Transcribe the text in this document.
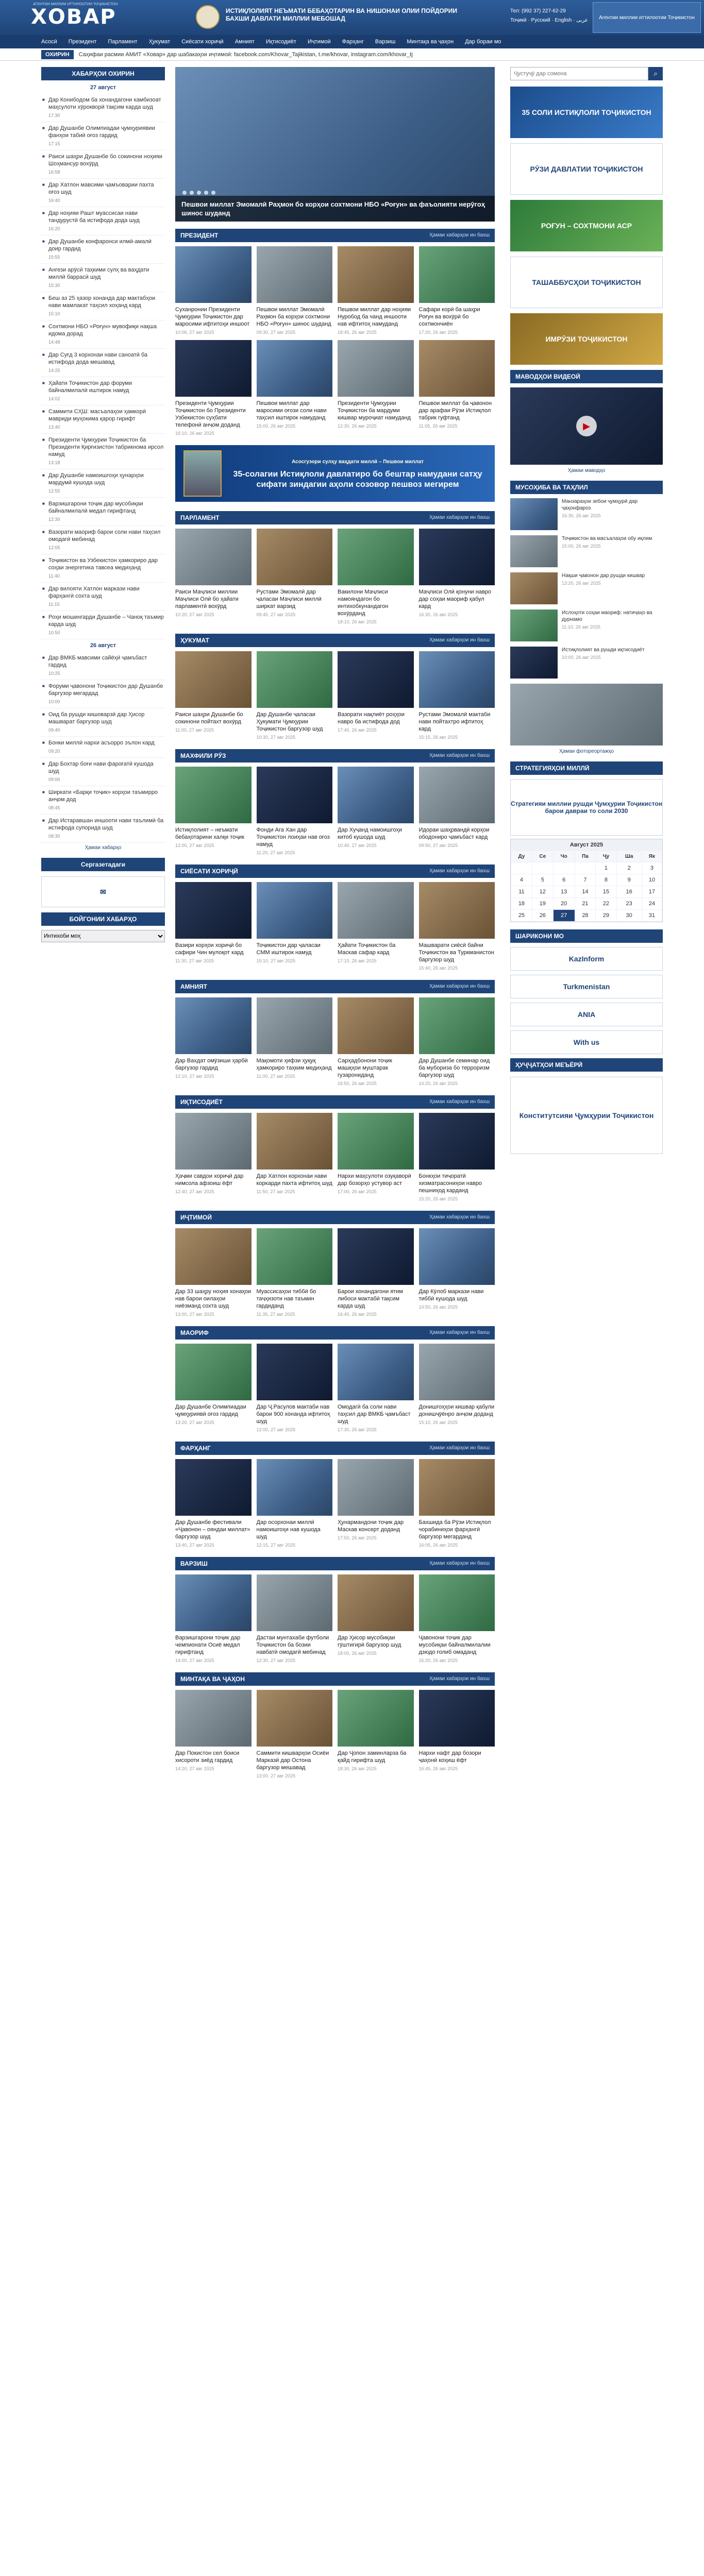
АГЕНТИИ МИЛЛИИ ИТТИЛООТИИ ТОҶИКИСТОН
ХОВАР	ИСТИҚЛОЛИЯТ НЕЪМАТИ БЕБАҲОТАРИН ВА НИШОНАИ ОЛИИ ПОЙДОРИИ БАХШИ ДАВЛАТИ МИЛЛИИ МЕБОШАД
Тел: (992 37) 227-62-29
Тоҷикӣ · Русский · English · عربی	Агентии миллии иттилоотии Тоҷикистон
Асосӣ Президент Парламент Ҳукумат Сиёсати хориҷӣ Амният Иқтисодиёт Иҷтимоӣ Фарҳанг Варзиш Минтақа ва ҷаҳон Дар бораи мо
ОХИРИН	Саҳифаи расмии АМИТ «Ховар» дар шабакаҳои иҷтимоӣ: facebook.com/Khovar_Tajikistan, t.me/khovar, instagram.com/khovar_tj
ХАБАРҲОИ ОХИРИН
27 август
■ Дар Конибодом ба хонандагони камбизоат маҳсулоти хӯрокворӣ тақсим карда шуд
17:30
■ Дар Душанбе Олимпиадаи ҷумҳуриявии фанҳои табиӣ оғоз гардид
17:15
■ Раиси шаҳри Душанбе бо сокинони ноҳияи Шоҳмансур вохӯрд
16:58
■ Дар Хатлон мавсими ҷамъоварии пахта оғоз шуд
16:40
■ Дар ноҳияи Рашт муассисаи нави тандурустӣ ба истифода дода шуд
16:20
■ Дар Душанбе конфаронси илмӣ-амалӣ доир гардид
15:55
■ Ангези арӯсӣ таҳкими сулҳ ва ваҳдати миллӣ баррасӣ шуд
15:30
■ Беш аз 25 ҳазор хонанда дар мактабҳои нави мамлакат таҳсил хоҳанд кард
15:10
■ Сохтмони НБО «Роғун» мувофиқи нақша идома дорад
14:48
■ Дар Суғд 3 корхонаи нави саноатӣ ба истифода дода мешавад
14:25
■ Ҳайати Тоҷикистон дар форуми байналмилалӣ иштирок намуд
14:02
■ Саммити СҲШ: масъалаҳои ҳамкорӣ мавриди муҳокима қарор гирифт
13:40
■ Президенти Ҷумҳурии Тоҷикистон ба Президенти Қирғизистон табрикнома ирсол намуд
13:18
■ Дар Душанбе намоишгоҳи ҳунарҳои мардумӣ кушода шуд
12:55
■ Варзишгарони тоҷик дар мусобиқаи байналмилалӣ медал гирифтанд
12:30
■ Вазорати маориф барои соли нави таҳсил омодагӣ мебинад
12:05
■ Тоҷикистон ва Узбекистон ҳамкориро дар соҳаи энергетика тавсеа медиҳанд
11:40
■ Дар вилояти Хатлон маркази нави фарҳангӣ сохта шуд
11:15
■ Роҳи мошингарди Душанбе – Чаноқ таъмир карда шуд
10:50
26 август
■ Дар ВМКБ мавсими сайёҳӣ ҷамъбаст гардид
10:25
■ Форуми ҷавонони Тоҷикистон дар Душанбе баргузор мегардад
10:00
■ Оид ба рушди кишоварзӣ дар Ҳисор машварат баргузор шуд
09:40
■ Бонки миллӣ нархи асъорро эълон кард
09:20
■ Дар Бохтар боғи нави фароғатӣ кушода шуд
09:00
■ Ширкати «Барқи тоҷик» корҳои таъмирро анҷом дод
08:45
■ Дар Истаравшан иншооти нави таълимӣ ба истифода супорида шуд
08:30
Ҳамаи хабарҳо
Сергазетадаги
✉
БОЙГОНИИ ХАБАРҲО
Интихоби моҳ
Пешвои миллат Эмомалӣ Раҳмон бо корҳои сохтмони НБО «Роғун» ва фаъолияти нерӯгоҳ шинос шуданд
ПРЕЗИДЕНТ	Ҳамаи хабарҳои ин бахш
Суханронии Президенти Ҷумҳурии Тоҷикистон дар маросими ифтитоҳи иншоот
10:06, 27 авг 2025
Пешвои миллат Эмомалӣ Раҳмон ба корҳои сохтмони НБО «Роғун» шинос шуданд
09:30, 27 авг 2025
Пешвои миллат дар ноҳияи Нуробод ба чанд иншооти нав ифтитоҳ намуданд
18:45, 26 авг 2025
Сафари корӣ ба шаҳри Роғун ва вохӯрӣ бо сохтмончиён
17:20, 26 авг 2025
Президенти Ҷумҳурии Тоҷикистон бо Президенти Узбекистон суҳбати телефонӣ анҷом доданд
16:10, 26 авг 2025
Пешвои миллат дар маросими оғози соли нави таҳсил иштирок намуданд
15:00, 26 авг 2025
Президенти Ҷумҳурии Тоҷикистон ба мардуми кишвар муроҷиат намуданд
12:30, 26 авг 2025
Пешвои миллат ба ҷавонон дар арафаи Рӯзи Истиқлол табрик гуфтанд
11:05, 26 авг 2025
Асосгузори сулҳу ваҳдати миллӣ – Пешвои миллат
35-солагии Истиқлоли давлатиро бо бештар намудани сатҳу сифати зиндагии аҳоли созовор пешвоз мегирем
ПАРЛАМЕНТ	Ҳамаи хабарҳои ин бахш
Раиси Маҷлиси миллии Маҷлиси Олӣ бо ҳайати парламентӣ вохӯрд
10:20, 27 авг 2025
Рустами Эмомалӣ дар ҷаласаи Маҷлиси миллӣ ширкат варзид
09:45, 27 авг 2025
Вакилони Маҷлиси намояндагон бо интихобкунандагон вохӯрданд
18:10, 26 авг 2025
Маҷлиси Олӣ қонуни навро дар соҳаи маориф қабул кард
16:30, 26 авг 2025
ҲУКУМАТ	Ҳамаи хабарҳои ин бахш
Раиси шаҳри Душанбе бо сокинони пойтахт вохӯрд
11:00, 27 авг 2025
Дар Душанбе ҷаласаи Ҳукумати Ҷумҳурии Тоҷикистон баргузор шуд
10:30, 27 авг 2025
Вазорати нақлиёт роҳҳои навро ба истифода дод
17:40, 26 авг 2025
Рустами Эмомалӣ мактаби нави пойтахтро ифтитоҳ кард
15:15, 26 авг 2025
МАХФИЛИ РӮЗ	Ҳамаи хабарҳои ин бахш
Истиқлолият – неъмати бебаҳотарини халқи тоҷик
12:00, 27 авг 2025
Фонди Ага Хан дар Тоҷикистон лоиҳаи нав оғоз намуд
11:20, 27 авг 2025
Дар Хуҷанд намоишгоҳи китоб кушода шуд
10:40, 27 авг 2025
Идораи шаҳрвандӣ корҳои ободониро ҷамъбаст кард
09:50, 27 авг 2025
СИЁСАТИ ХОРИҶӢ	Ҳамаи хабарҳои ин бахш
Вазири корҳои хориҷӣ бо сафири Чин мулоқот кард
11:30, 27 авг 2025
Тоҷикистон дар ҷаласаи СММ иштирок намуд
10:10, 27 авг 2025
Ҳайати Тоҷикистон ба Маскав сафар кард
17:10, 26 авг 2025
Машварати сиёсӣ байни Тоҷикистон ва Туркманистон баргузор шуд
15:40, 26 авг 2025
АМНИЯТ	Ҳамаи хабарҳои ин бахш
Дар Вахдат омӯзиши ҳарбӣ баргузор гардид
12:10, 27 авг 2025
Мақомоти ҳифзи ҳуқуқ ҳамкориро таҳким медиҳанд
11:00, 27 авг 2025
Сарҳадбонони тоҷик машқҳои муштарак гузарониданд
16:50, 26 авг 2025
Дар Душанбе семинар оид ба мубориза бо терроризм баргузор шуд
14:20, 26 авг 2025
ИҚТИСОДИЁТ	Ҳамаи хабарҳои ин бахш
Ҳаҷми савдои хориҷӣ дар нимсола афзоиш ёфт
12:40, 27 авг 2025
Дар Хатлон корхонаи нави коркарди пахта ифтитоҳ шуд
11:50, 27 авг 2025
Нархи маҳсулоти озуқаворӣ дар бозорҳо устувор аст
17:00, 26 авг 2025
Бонкҳои тиҷоратӣ хизматрасониҳои навро пешниҳод карданд
15:20, 26 авг 2025
ИҶТИМОӢ	Ҳамаи хабарҳои ин бахш
Дар 33 шаҳру ноҳия хонаҳои нав барои оилаҳои ниёзманд сохта шуд
13:00, 27 авг 2025
Муассисаҳои тиббӣ бо таҷҳизоти нав таъмин гардиданд
11:35, 27 авг 2025
Барои хонандагони ятим либоси мактабӣ тақсим карда шуд
16:40, 26 авг 2025
Дар Кӯлоб маркази нави тиббӣ кушода шуд
14:50, 26 авг 2025
МАОРИФ	Ҳамаи хабарҳои ин бахш
Дар Душанбе Олимпиадаи ҷумҳуриявӣ оғоз гардид
13:20, 27 авг 2025
Дар Ҷ.Расулов мактаби нав барои 900 хонанда ифтитоҳ шуд
12:00, 27 авг 2025
Омодагӣ ба соли нави таҳсил дар ВМКБ ҷамъбаст шуд
17:30, 26 авг 2025
Донишгоҳҳои кишвар қабули донишҷӯёнро анҷом доданд
15:10, 26 авг 2025
ФАРҲАНГ	Ҳамаи хабарҳои ин бахш
Дар Душанбе фестивали «Ҷавонон – ояндаи миллат» баргузор шуд
13:40, 27 авг 2025
Дар осорхонаи миллӣ намоишгоҳи нав кушода шуд
12:15, 27 авг 2025
Ҳунармандони тоҷик дар Маскав консерт доданд
17:50, 26 авг 2025
Бахшида ба Рӯзи Истиқлол чорабиниҳои фарҳангӣ баргузор мегарданд
16:05, 26 авг 2025
ВАРЗИШ	Ҳамаи хабарҳои ин бахш
Варзишгарони тоҷик дар чемпионати Осиё медал гирифтанд
14:00, 27 авг 2025
Дастаи мунтахаби футболи Тоҷикистон ба бозии навбатӣ омодагӣ мебинад
12:30, 27 авг 2025
Дар Ҳисор мусобиқаи гӯштигирӣ баргузор шуд
18:00, 26 авг 2025
Ҷавонони тоҷик дар мусобиқаи байналмилалии дзюдо ғолиб омаданд
16:20, 26 авг 2025
МИНТАҚА ВА ҶАҲОН	Ҳамаи хабарҳои ин бахш
Дар Покистон сел боиси хисороти зиёд гардид
14:20, 27 авг 2025
Саммити кишварҳои Осиёи Марказӣ дар Остона баргузор мешавад
13:00, 27 авг 2025
Дар Ҷопон заминларза ба қайд гирифта шуд
18:30, 26 авг 2025
Нархи нафт дар бозори ҷаҳонӣ коҳиш ёфт
16:45, 26 авг 2025
Ҷустуҷӯ дар сомона
⌕
35 СОЛИ ИСТИҚЛОЛИ ТОҶИКИСТОН
РӮЗИ ДАВЛАТИИ ТОҶИКИСТОН
РОҒУН – СОХТМОНИ АСР
ТАШАББУСҲОИ ТОҶИКИСТОН
ИМРӮЗИ ТОҶИКИСТОН
МАВОДҲОИ ВИДЕОӢ
▶
Ҳамаи маводҳо
МУСОҲИБА ВА ТАҲЛИЛ
Манзараҳои зебои ҷумҳурӣ дар ҷаҳонфароз
16:30, 26 авг 2025
Тоҷикистон ва масъалаҳои обу иқлим
15:00, 26 авг 2025
Нақши ҷавонон дар рушди кишвар
13:20, 26 авг 2025
Ислоҳоти соҳаи маориф: натиҷаҳо ва дурнамо
11:10, 26 авг 2025
Истиқлолият ва рушди иқтисодиёт
10:00, 26 авг 2025
Ҳамаи фотореортажҳо
СТРАТЕГИЯҲОИ МИЛЛӢ
Стратегияи миллии рушди Ҷумҳурии Тоҷикистон барои давраи то соли 2030
Август 2025
Ду	Се	Чо	Па	Ҷу	Шa	Як
				1	2	3
4	5	6	7	8	9	10
11	12	13	14	15	16	17
18	19	20	21	22	23	24
25	26	27	28	29	30	31
ШАРИКОНИ МО
KazInform
Turkmenistan
ANIA
With us
ҲУҶҶАТҲОИ МЕЪЁРӢ
Конститутсияи Ҷумҳурии Тоҷикистон
